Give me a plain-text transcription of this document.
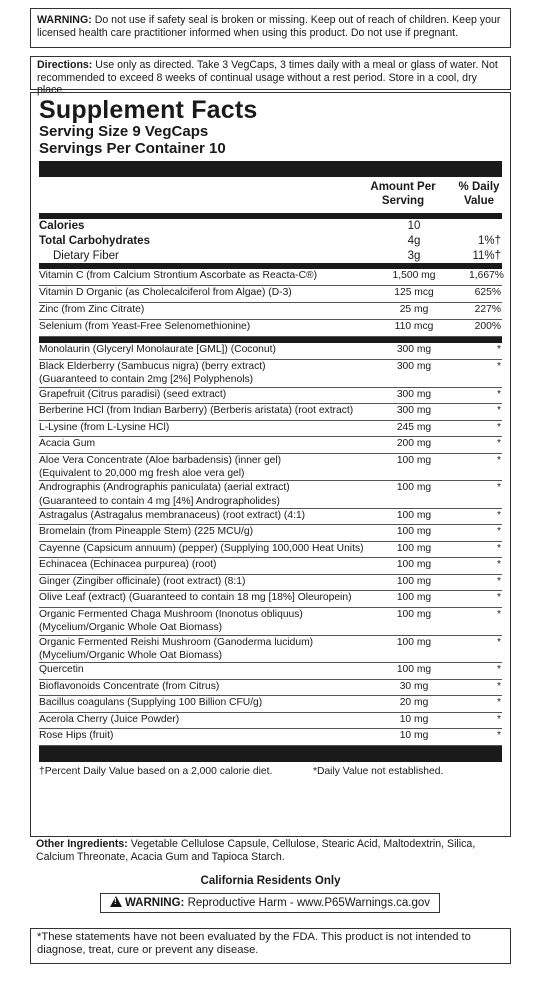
WARNING: Do not use if safety seal is broken or missing. Keep out of reach of children. Keep your licensed health care practitioner informed when using this product. Do not use if pregnant.
Directions: Use only as directed. Take 3 VegCaps, 3 times daily with a meal or glass of water. Not recommended to exceed 8 weeks of continual usage without a rest period. Store in a cool, dry place.
Supplement Facts
Serving Size 9 VegCaps
Servings Per Container 10
Amount Per
Serving
% Daily
Value
Calories	10
Total Carbohydrates	4g	1%†
Dietary Fiber	3g	11%†
Vitamin C (from Calcium Strontium Ascorbate as Reacta-C®)	1,500 mg	1,667%
Vitamin D Organic (as Cholecalciferol from Algae) (D-3)	125 mcg	625%
Zinc (from Zinc Citrate)	25 mg	227%
Selenium (from Yeast-Free Selenomethionine)	110 mcg	200%
Monolaurin (Glyceryl Monolaurate [GML]) (Coconut)	300 mg	*
Black Elderberry (Sambucus nigra) (berry extract)
(Guaranteed to contain 2mg [2%] Polyphenols)
300 mg	*
Grapefruit (Citrus paradisi) (seed extract)	300 mg	*
Berberine HCl (from Indian Barberry) (Berberis aristata) (root extract)	300 mg	*
L-Lysine (from L-Lysine HCl)	245 mg	*
Acacia Gum	200 mg	*
Aloe Vera Concentrate (Aloe barbadensis) (inner gel)
(Equivalent to 20,000 mg fresh aloe vera gel)
100 mg	*
Andrographis (Andrographis paniculata) (aerial extract)
(Guaranteed to contain 4 mg [4%] Andrographolides)
100 mg	*
Astragalus (Astragalus membranaceus) (root extract) (4:1)	100 mg	*
Bromelain (from Pineapple Stem) (225 MCU/g)	100 mg	*
Cayenne (Capsicum annuum) (pepper) (Supplying 100,000 Heat Units)	100 mg	*
Echinacea (Echinacea purpurea) (root)	100 mg	*
Ginger (Zingiber officinale) (root extract) (8:1)	100 mg	*
Olive Leaf (extract) (Guaranteed to contain 18 mg [18%] Oleuropein)	100 mg	*
Organic Fermented Chaga Mushroom (Inonotus obliquus)
(Mycelium/Organic Whole Oat Biomass)
100 mg	*
Organic Fermented Reishi Mushroom (Ganoderma lucidum)
(Mycelium/Organic Whole Oat Biomass)
100 mg	*
Quercetin	100 mg	*
Bioflavonoids Concentrate (from Citrus)	30 mg	*
Bacillus coagulans (Supplying 100 Billion CFU/g)	20 mg	*
Acerola Cherry (Juice Powder)	10 mg	*
Rose Hips (fruit)	10 mg	*
†Percent Daily Value based on a 2,000 calorie diet.	*Daily Value not established.
Other Ingredients: Vegetable Cellulose Capsule, Cellulose, Stearic Acid, Maltodextrin, Silica, Calcium Threonate, Acacia Gum and Tapioca Starch.
California Residents Only
!WARNING: Reproductive Harm - www.P65Warnings.ca.gov
*These statements have not been evaluated by the FDA. This product is not intended to diagnose, treat, cure or prevent any disease.
